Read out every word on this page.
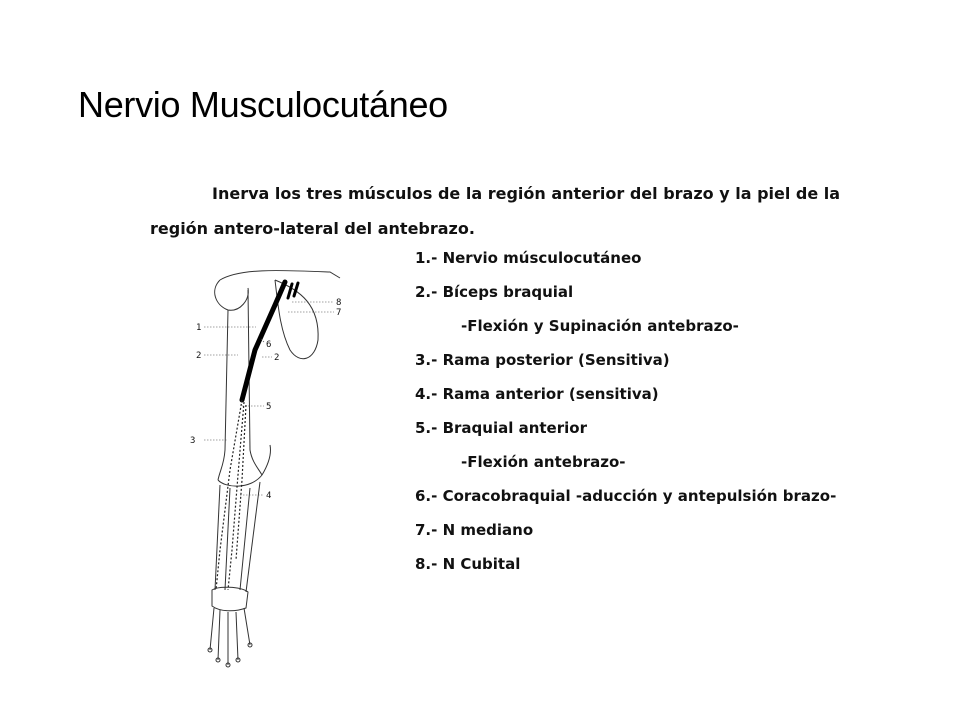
Nervio Musculocutáneo
Inerva los tres músculos de la región anterior del brazo y la piel de la
región antero-lateral del antebrazo.
1.- Nervio músculocutáneo
2.- Bíceps braquial
-Flexión y Supinación antebrazo-
3.- Rama posterior (Sensitiva)
4.- Rama anterior (sensitiva)
5.- Braquial anterior
-Flexión antebrazo-
6.- Coracobraquial -aducción y antepulsión brazo-
7.- N mediano
8.- N Cubital
1
2	2
3
4
5
6
7
8
